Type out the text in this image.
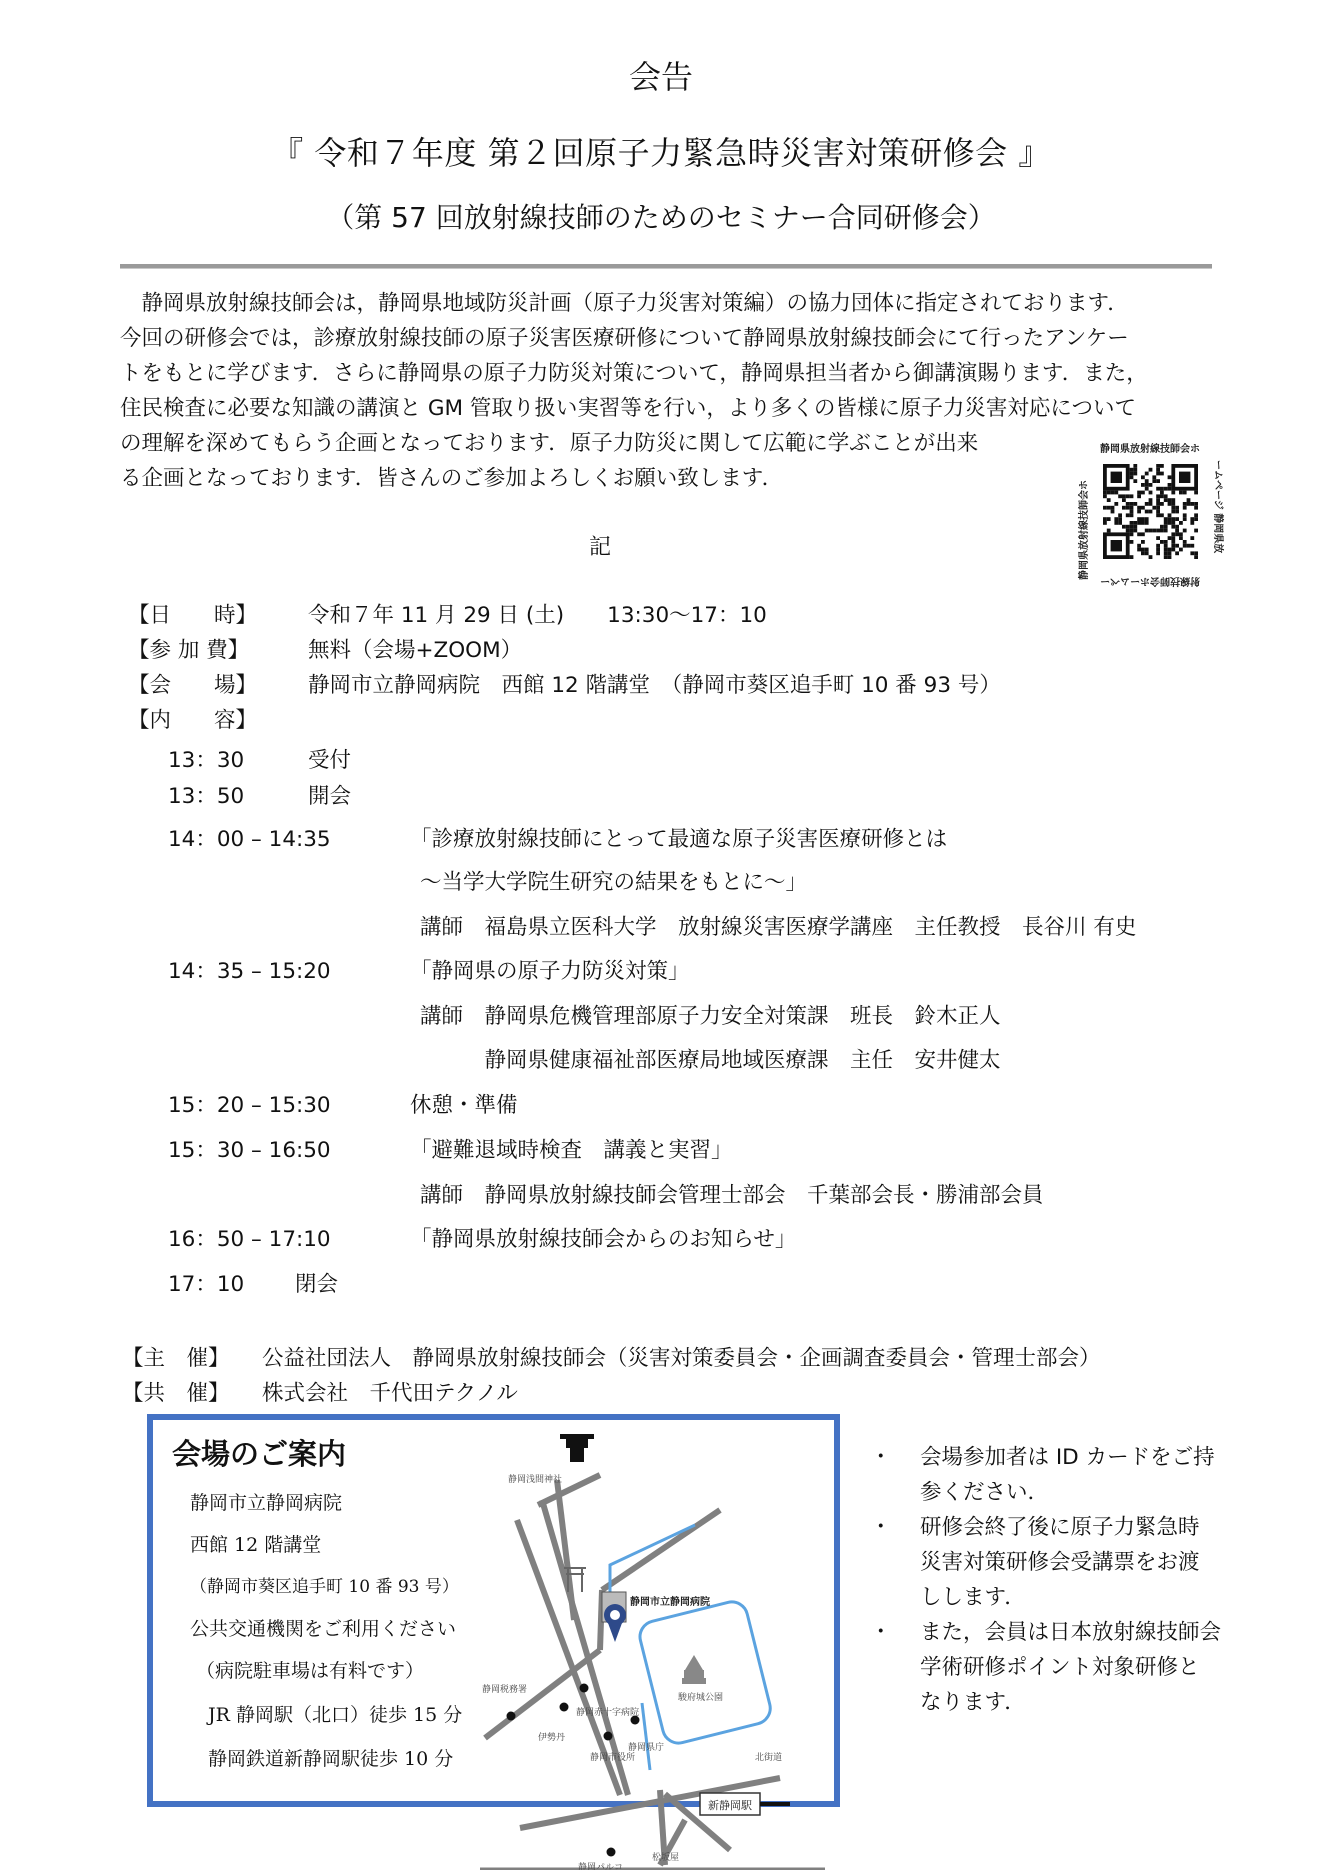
会告
『 令和７年度 第２回原子力緊急時災害対策研修会 』
（第 57 回放射線技師のためのセミナー合同研修会）
　静岡県放射線技師会は，静岡県地域防災計画（原子力災害対策編）の協力団体に指定されております．
今回の研修会では，診療放射線技師の原子災害医療研修について静岡県放射線技師会にて行ったアンケー
トをもとに学びます．さらに静岡県の原子力防災対策について，静岡県担当者から御講演賜ります．また，
住民検査に必要な知識の講演と GM 管取り扱い実習等を行い，より多くの皆様に原子力災害対応について
の理解を深めてもらう企画となっております．原子力防災に関して広範に学ぶことが出来
る企画となっております．皆さんのご参加よろしくお願い致します．
静岡県放射線技師会ホ
静岡県放射線技師会ホ
射線技師会ホームペー
ームページ 静岡県放
記
【日　　時】 令和７年 11 月 29 日 (土)　　13:30～17：10
【参 加 費】	無料（会場+ZOOM）
【会　　場】 静岡市立静岡病院　西館 12 階講堂　（静岡市葵区追手町 10 番 93 号）
【内　　容】
13：30	受付
13：50	開会
14：00 – 14:35	「診療放射線技師にとって最適な原子災害医療研修とは
～当学大学院生研究の結果をもとに～」
講師　福島県立医科大学　放射線災害医療学講座　主任教授　長谷川 有史
14：35 – 15:20	「静岡県の原子力防災対策」
講師　静岡県危機管理部原子力安全対策課　班長　鈴木正人
　　　静岡県健康福祉部医療局地域医療課　主任　安井健太
15：20 – 15:30	休憩・準備
15：30 – 16:50	「避難退域時検査　講義と実習」
講師　静岡県放射線技師会管理士部会　千葉部会長・勝浦部会員
16：50 – 17:10	「静岡県放射線技師会からのお知らせ」
17：10 閉会
【主　催】 公益社団法人　静岡県放射線技師会（災害対策委員会・企画調査委員会・管理士部会）
【共　催】 株式会社　千代田テクノル
会場のご案内
静岡市立静岡病院
西館 12 階講堂
（静岡市葵区追手町 10 番 93 号）
公共交通機関をご利用ください
（病院駐車場は有料です）
JR 静岡駅（北口）徒歩 15 分
静岡鉄道新静岡駅徒歩 10 分
新静岡駅
静岡浅間神社
静岡市立静岡病院
駿府城公園
静岡税務署
静岡赤十字病院
伊勢丹
静岡市役所
静岡県庁
北街道
静岡パルコ
松坂屋
・ 会場参加者は ID カードをご持
参ください．
・ 研修会終了後に原子力緊急時
災害対策研修会受講票をお渡
しします．
・ また，会員は日本放射線技師会
学術研修ポイント対象研修と
なります．
